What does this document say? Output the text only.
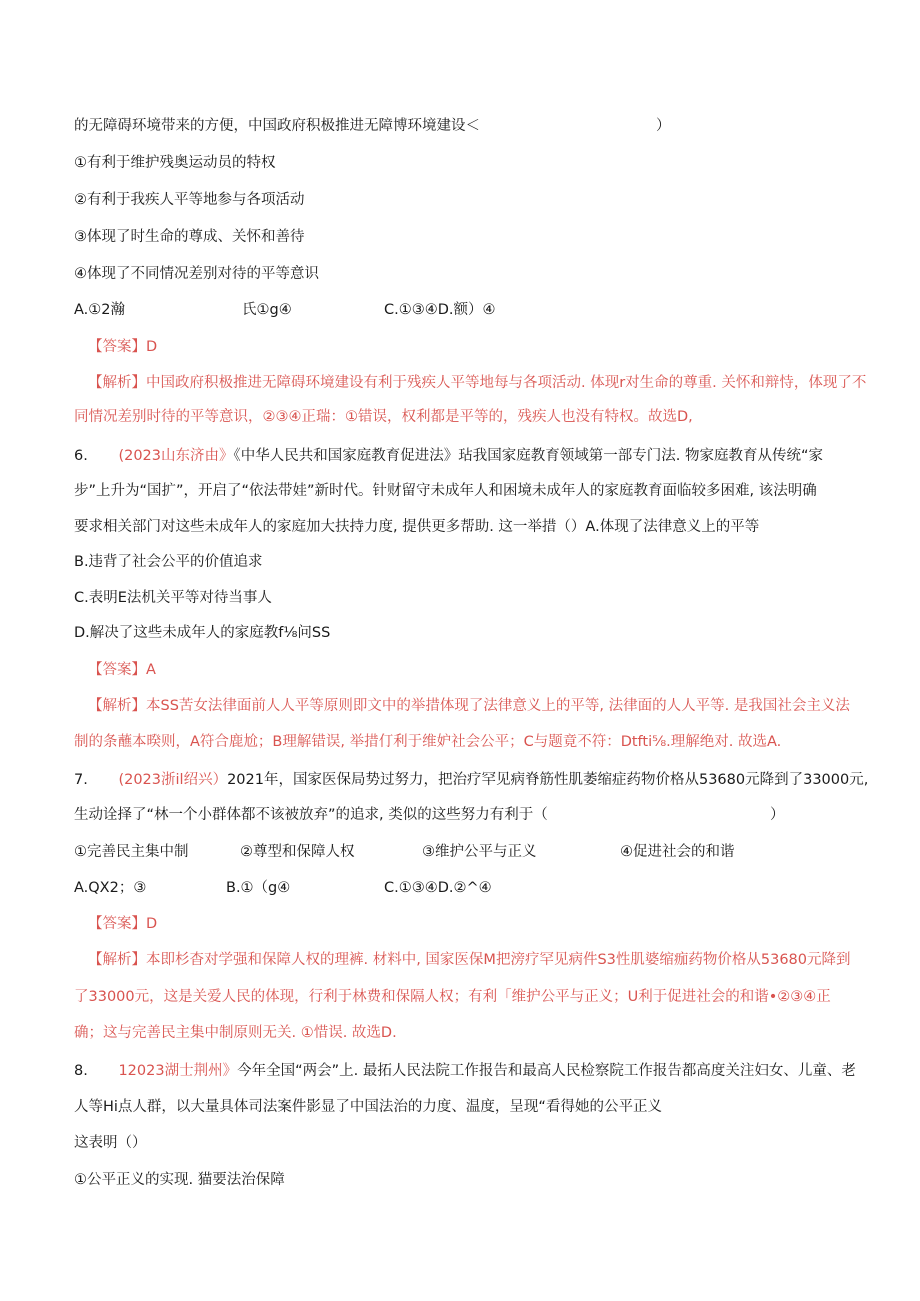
的无障碍环境带来的方便，中国政府积极推进无障博环境建设＜	）
①有利于维护残奥运动员的特权
②有利于我疾人平等地参与各项活动
③体现了时生命的尊成、关怀和善待
④体现了不同情况差别对待的平等意识
A.①2瀚	氏①g④	C.①③④D.额）④

【答案】D
【解析】中国政府积极推进无障碍环境建设有利于残疾人平等地每与各项活动. 体现r对生命的尊重. 关怀和辩恃，体现了不
同情况差别时待的平等意识，②③④正瑞：①错误，权利都是平等的，残疾人也没有特权。故选D,
6. (2023山东济由》《中华人民共和国家庭教育促进法》玷我国家庭教育领域第一部专门法. 物家庭教育从传统“家
步”上升为“国扩”，开启了“依法带娃”新时代。针财留守未成年人和困境未成年人的家庭教育面临较多困难, 该法明确
要求相关部门对这些未成年人的家庭加大扶持力度, 提供更多帮助. 这一举措（）A.体现了法律意义上的平等
B.违背了社会公平的价值追求
C.表明E法机关平等对待当事人
D.解决了这些未成年人的家庭教f⅛问SS
【答案】A
【解析】本SS苦女法律面前人人平等原则即文中的举措体现了法律意义上的平等, 法律面的人人平等. 是我国社会主义法
制的条蘸本暌则，A符合鹿尬；B理解错误, 举措仃利于维妒社会公平；C与题竟不符：Dtfti⅝.理解绝对. 故选A.
7. (2023浙il绍兴）2021年，国家医保局势过努力，把治疗罕见病脊筋性肌萎缩症药物价格从53680元降到了33000元,
生动诠择了“林一个小群体都不该被放弃”的追求, 类似的这些努力有利于（	）
①完善民主集中制	②尊型和保障人权	③维护公平与正义	④促进社会的和谐

A.QX2；③	B.①（g④	C.①③④D.②^④

【答案】D
【解析】本即杉杳对学强和保障人权的理裤. 材料中, 国家医保M把滂疗罕见病件S3性肌婆缩痂药物价格从53680元降到
了33000元，这是关爱人民的体现，行利于林费和保隔人权；有利「维护公平与正义；U利于促进社会的和谐•②③④正
确；这与完善民主集中制原则无关. ①惜误. 故选D.
8. 12023湖士荆州》今年全国“两会”上. 最拓人民法院工作报告和最高人民检察院工作报告都高度关注妇女、儿童、老
人等Hi点人群，以大量具体司法案件影显了中国法治的力度、温度，呈现“看得她的公平正义
这表明（）
①公平正义的实现. 猫要法治保障
